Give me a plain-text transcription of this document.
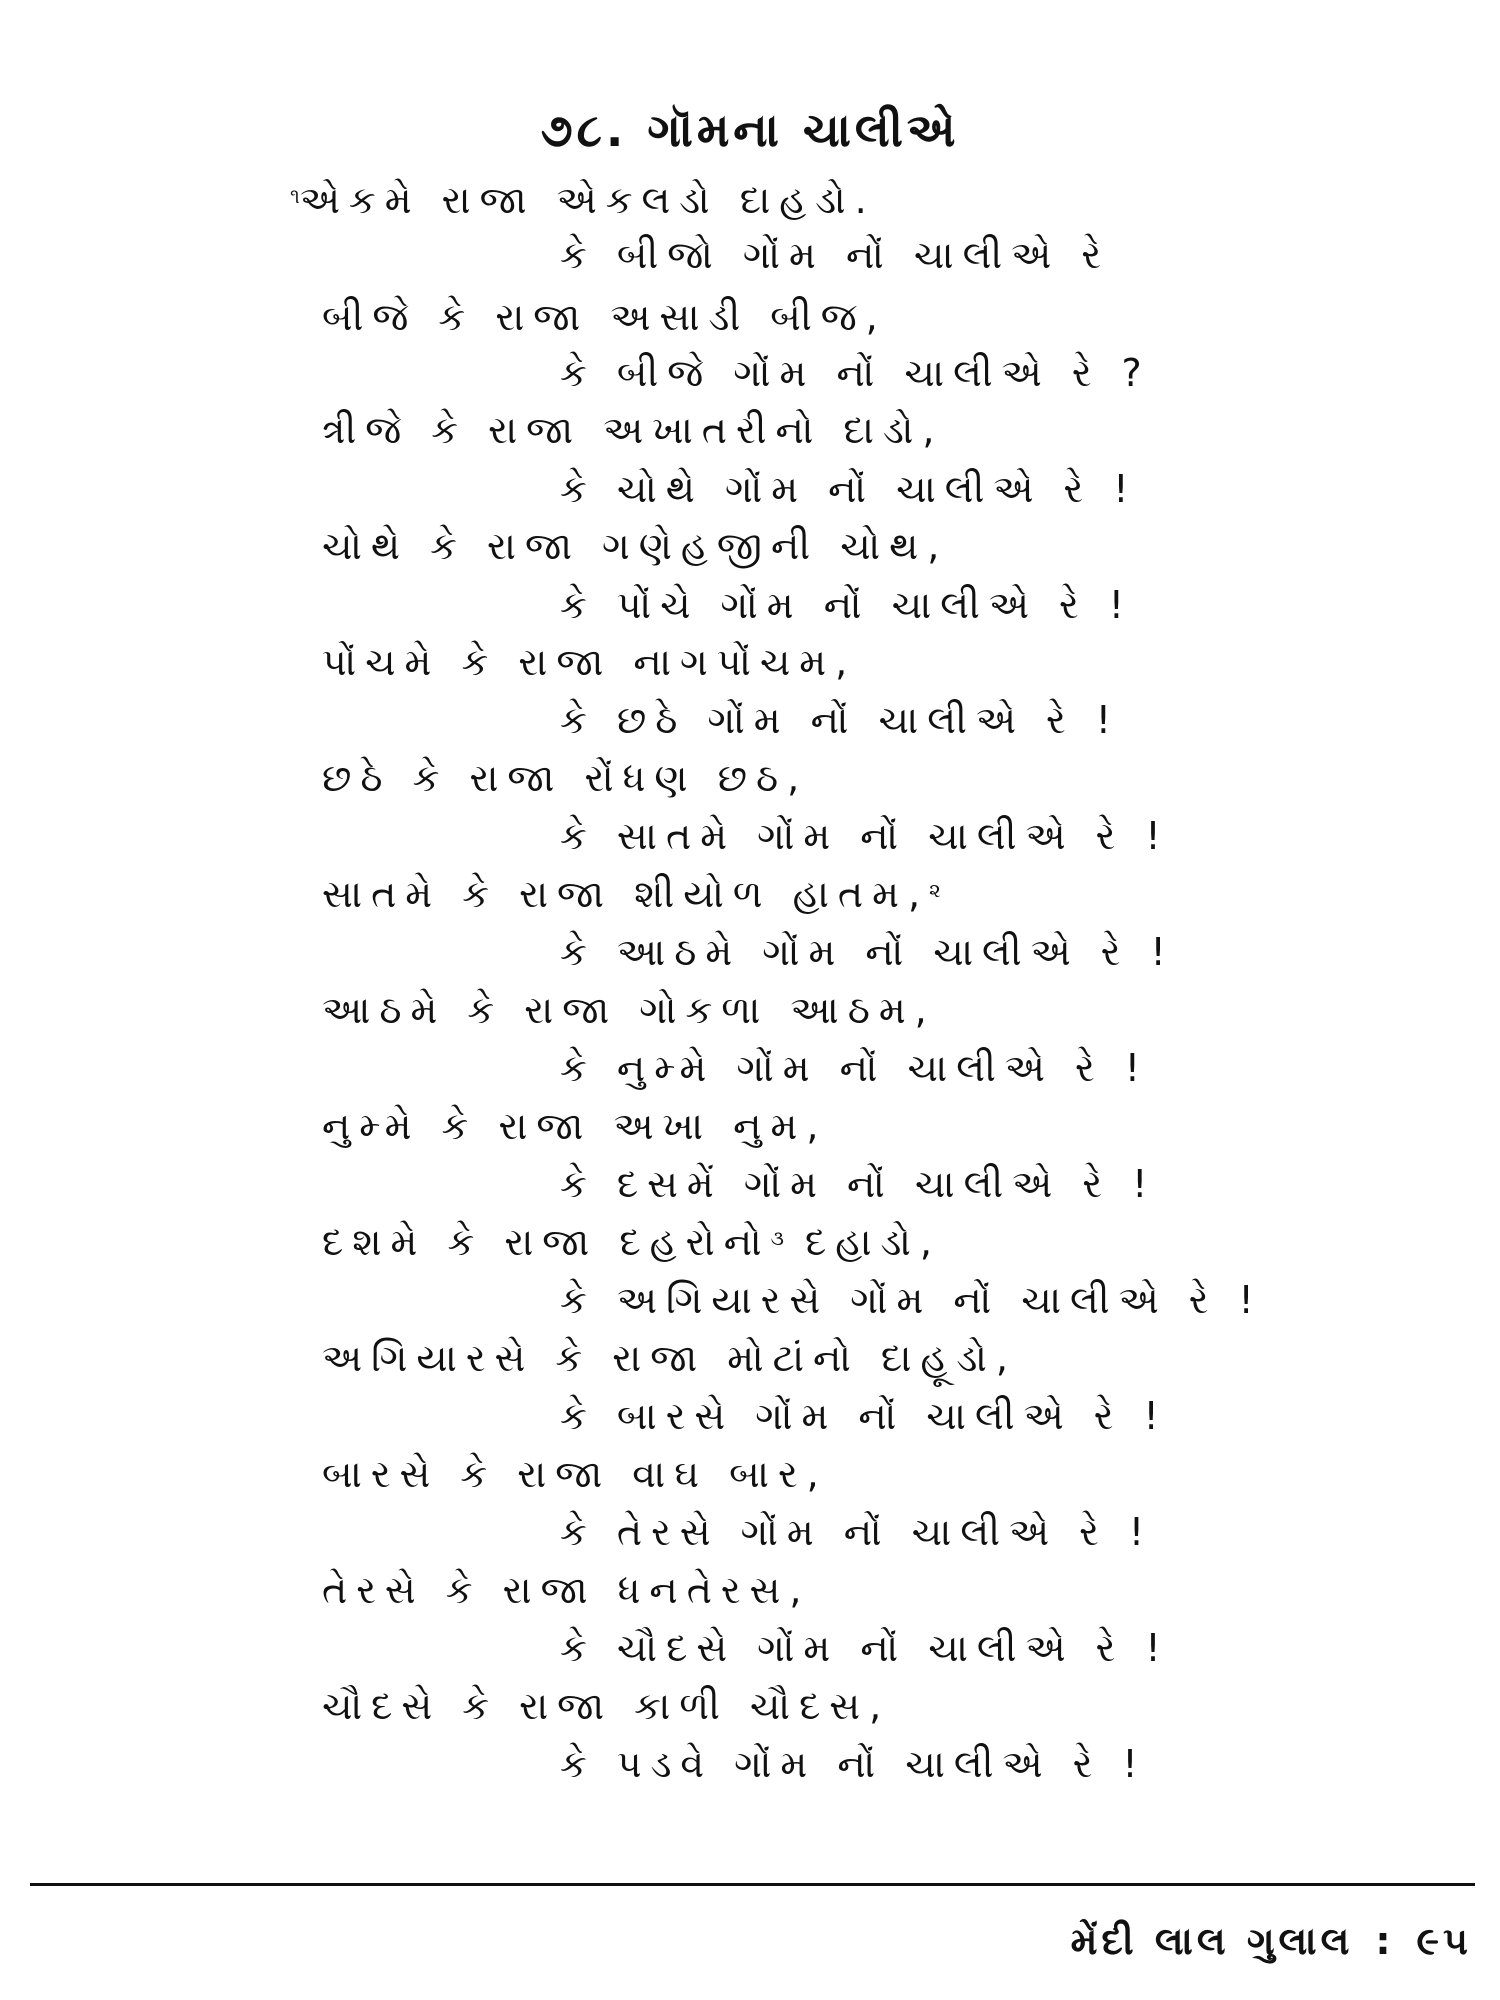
૭૮. ગૉમના ચાલીએ
$^૧$એકમે રાજા એકલડો દાહડો.
કે બીજો ગોંમ નોં ચાલીએ રે
બીજે કે રાજા અસાડી બીજ,
કે બીજે ગોંમ નોં ચાલીએ રે ?
ત્રીજે કે રાજા અખાતરીનો દાડો,
કે ચોથે ગોંમ નોં ચાલીએ રે !
ચોથે કે રાજા ગણેહજીની ચોથ,
કે પોંચે ગોંમ નોં ચાલીએ રે !
પોંચમે કે રાજા નાગપોંચમ,
કે છઠે ગોંમ નોં ચાલીએ રે !
છઠે કે રાજા રોંધણ છઠ,
કે સાતમે ગોંમ નોં ચાલીએ રે !
સાતમે કે રાજા શીયોળ હાતમ,$^૨$
કે આઠમે ગોંમ નોં ચાલીએ રે !
આઠમે કે રાજા ગોકળા આઠમ,
કે નુમ્મે ગોંમ નોં ચાલીએ રે !
નુમ્મે કે રાજા અખા નુમ,
કે દસમેં ગોંમ નોં ચાલીએ રે !
દશમે કે રાજા દહરોનો$^૩$ દહાડો,
કે અગિયારસે ગોંમ નોં ચાલીએ રે !
અગિયારસે કે રાજા મોટાંનો દાહૂડો,
કે બારસે ગોંમ નોં ચાલીએ રે !
બારસે કે રાજા વાઘ બાર,
કે તેરસે ગોંમ નોં ચાલીએ રે !
તેરસે કે રાજા ધનતેરસ,
કે ચૌદસે ગોંમ નોં ચાલીએ રે !
ચૌદસે કે રાજા કાળી ચૌદસ,
કે પડવે ગોંમ નોં ચાલીએ રે !
મેંદી લાલ ગુલાલ : ૯૫
